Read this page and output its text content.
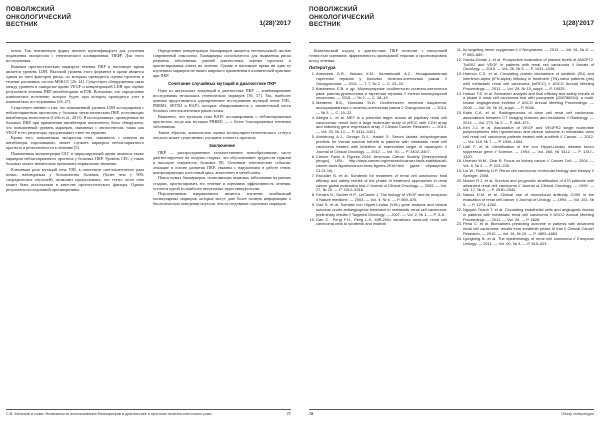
ПОВОЛЖСКИЙ
ОНКОЛОГИЧЕСКИЙ
ВЕСТНИК	1(28)'2017

почек. Так, неизменную форму антиген идентифицирует для усиления подавления экспрессии с генетического клонирования ТИФР. Для этого исследования.

Важным прогностическим маркером течения ПКР в настоящее время является уровень LDH. Высокий уровень этого фермента в крови является одним из пяти факторов риска, по которым проводится оценка прогноза в течение различных систем MSKCC [26, 24]. Существует обнаруженная связь между уровнем в сыворотке крови VEGF и концентрацией LDH при оценке результатов лечения ПКР ингибиторами mTOR. Возможно, что определение клиническое истечение, которое будет, при котором проводится учет в клинических исследованиях [26, 27].

Существует мнение о том, что повышенный уровень LDH ассоциирован с неблагоприятным прогнозом у больных метастатическим ПКР, получающих ингибиторы ангиогенеза (Cella et al., 2011). В исследованиях, проведенных на больных ПКР, при применении ингибиторов ангиогенеза, было обнаружено, что повышенный уровень маркеров, связанных с ангиогенезом, таких как VEGF и его рецепторы, предсказывает ответ на терапию.

Кроме того, повышенная экспрессия гена, связанного с ответом на ингибиторы тирозинкиназ, может служить маркером неблагоприятного прогноза и резистентности к лечению [5].

Повышенная концентрация CEC в циркулирующей крови является также маркером неблагоприятного прогноза у больных ПКР. Уровень CEC у таких больных может значительно превышать нормальные значения.

Ключевым роль мутаций гена VHL в патогенезе светлоклеточного рака почки, наблюдаемая у большинства больных (более чем у 90% спорадических опухолей), позволяет предположить, что статус этого гена может быть использован в качестве прогностического фактора. Однако результаты исследований противоречивы.

Определение концентрации биомаркеров является неотъемлемой частью современной онкологии. Биомаркеры используются для выявления риска развития заболевания, ранней диагностики, оценки прогноза и прогнозирования ответа на лечение. Однако в настоящее время ни один из изученных маркеров не нашел широкого применения в клинической практике при ПКР.

Сочетание случайных мутаций в диагностике ПКР

Одна из актуальных тенденций в диагностике ПКР — комбинирование исследования нескольких генетических маркеров [36, 37]. Так, наиболее ценным представляется одновременное исследование мутаций генов VHL, PBRM1, SETD2 и BAP1, которые обнаруживаются у значительной части больных светлоклеточным раком почки.

Выявлено, что мутации гена BAP1 ассоциированы с неблагоприятным прогнозом, тогда как мутации PBRM1 — с более благоприятным течением заболевания.

Таким образом, комплексная оценка молекулярно-генетического статуса опухоли может существенно улучшить точность прогноза.

Заключение

ПКР — распространенное злокачественное новообразование, часто диагностируемое на поздних стадиях, что обусловливает трудности терапии и высокую смертность больных [8]. Основные генетические события, лежащие в основе развития ПКР, связаны с нарушением в работе генов, контролирующих клеточный цикл, ангиогенез и метаболизм.

Поиск новых биомаркеров, позволяющих выявлять заболевание на ранних стадиях, прогнозировать его течение и оценивать эффективность лечения, остается одной из наиболее актуальных задач онкоурологии.

Перспективным направлением является изучение комбинаций молекулярных маркеров, которые могут дать более полную информацию о биологическом поведении опухоли, чем исследование отдельных маркеров.

С.В. Мальков и соавт. Возможности использования биомаркеров в диагностике и прогнозе почечно-клеточного рака	77
ПОВОЛЖСКИЙ
ОНКОЛОГИЧЕСКИЙ
ВЕСТНИК	1(28)'2017

Комплексный подход к диагностике ПКР позволит с наилучшей точностью оценивать эффективность проводимой терапии и прогнозировать исход лечения.

Литература
1. Алексеев Б.Я., Нюшко К.М., Калпинский А.С. Неоадъювантная таргетная терапия у больных почечно-клеточным раком // Онкоурология. — 2011. — Т. 7, № 2. — С. 23–33.
2. Коваленко Е.В. и др. Молекулярные особенности почечно-клеточного рака: ранняя диагностика и таргетная терапия // Успехи молекулярной онкологии. — 2015. — № 2. — С. 38–45.
3. Матвеев В.Б., Волкова М.И. Особенности лечения пациентов, ассоциированных с почечно-клеточным раком // Онкоурология. — 2014. — № 3. — С. 15–22.
4. Allegra L. et al. MET is a potential target across all papillary renal cell carcinomas: result from a large molecular study of pRCC with CGH array and matching gene expression array // Clinical Cancer Research. — 2014. — Vol. 20, № 13. — P. 3411–3421.
5. Armstrong A.J., George D.J., Halabi S. Serum lactate dehydrogenase predicts for overall survival benefit in patients with metastatic renal cell carcinoma treated with inhibition of mammalian target of rapamycin // Journal of Clinical Oncology. — 2012. — Vol. 30. — P. 3402–3407.
6. Cancer Facts & Figures 2016. American Cancer Society [Электронный ресурс]. URL: http://www.cancer.org/research/cancer-facts-statistics/all-cancer-facts-figures/cancer-facts-figures-2016.html (дата обращения: 21.01.16).
7. Escudier B. et al. Sorafenib for treatment of renal cell carcinoma: final efficacy and safety results of the phase III treatment approaches in renal cancer global evaluation trial // Journal of Clinical Oncology. — 2009. — Vol. 27, № 20. — P. 3312–3318.
8. Ferrara N., Gerber H.P., LeCouter J. The biology of VEGF and its receptors // Nature medicine. — 2003. — Vol. 9, № 6. — P. 669–676.
9. Gad S. et al. Somatic von Hippel-Lindau (VHL) gene analysis and clinical outcome under antiangiogenic treatment in metastatic renal cell carcinoma: preliminary results // Targeted Oncology. — 2007. — Vol. 2, № 1. — P. 3–6.
10. Gao C., Peng F.H., Peng L.K. MiR-200c sensitizes clear-cell renal cell carcinoma cells to sorafenib and imatinib
11. by targeting heme oxygenase-1 // Neoplasma. — 2013. — Vol. 61, № 6. — P. 680–689.
12. Garcia-Donas J. et al. Prospective evaluation of plasma levels of ANGPT2, TuMV2 and VEGF in patients with renal cell carcinoma // Annals of Oncology. — 2015. — Vol. 26, № 5. — P. 1031–1036.
13. Harmon C.S. et al. Circulating protein biomarkers of sunitinib (SU) and interferon-alpha (IFN-alpha) efficacy in treatment (TN)-naive patients (pts) with metastatic renal cell carcinoma (mRCC) // ASCO Annual Meeting Proceedings. — 2011. — Vol. 29, № 15_suppl. — P. 10525.
14. Hutson T.E. et al. Biomarker analysis and final efficacy and safety results of a phase II renal cell carcinoma trial with pazopanib (GW786034), a multi-kinase angiogenesis inhibitor // ASCO Annual Meeting Proceedings. — 2008. — Vol. 26, № 15_suppl. — P. 5046.
15. Karlo C.A. et al. Radiogenomics of clear cell renal cell carcinoma: associations between CT imaging features and mutations // Radiology. — 2014. — Vol. 270, № 2. — P. 464–471.
16. Kim J.J. et al. Association of VEGF and VEGFR2 single nucleotide polymorphisms with hypertension and clinical outcome in metastatic clear cell renal cell carcinoma patients treated with sunitinib // Cancer. — 2012. — Vol. 118, № 7. — P. 1946–1954.
17. Latif F. et al. Identification of the von Hippel-Lindau disease tumor suppressor gene // Science. — 1993. — Vol. 260, № 5112. — P. 1317–1320.
18. Linehan W.M., Zbar B. Focus on kidney cancer // Cancer Cell. — 2004. — Vol. 6, № 3. — P. 223–228.
19. Liu W., Rafferty D.P. Renal cell carcinoma: molecular biology and therapy // Springer, 2008.
20. Motzer R.J. et al. Survival and prognostic stratification of 670 patients with advanced renal cell carcinoma // Journal of Clinical Oncology. — 1999. — Vol. 17, № 8. — P. 2530–2540.
21. Nanus D.M. et al. Clinical use of monoclonal antibody G250 in the evaluation of renal cell cancer // Journal of Urology. — 1994. — Vol. 151, № 5. — P. 1274–1282.
22. Nguyen-Thanh T. et al. Circulating endothelial cells and angiogenic factors in patients with metastatic renal cell carcinoma // ASCO Annual Meeting Proceedings. — 2011. — Vol. 29. — P. 4628.
23. Pena C. et al. Biomarkers predicting outcome in patients with advanced renal cell carcinoma: results from sorafenib phase III trial // Clinical Cancer Research. — 2010. — Vol. 16, № 19. — P. 4853–4863.
24. Ljungberg B. et al. The epidemiology of renal cell carcinoma // European Urology. — 2011. — Vol. 60, № 4. — P. 615–621.
78	Обзор литературы
